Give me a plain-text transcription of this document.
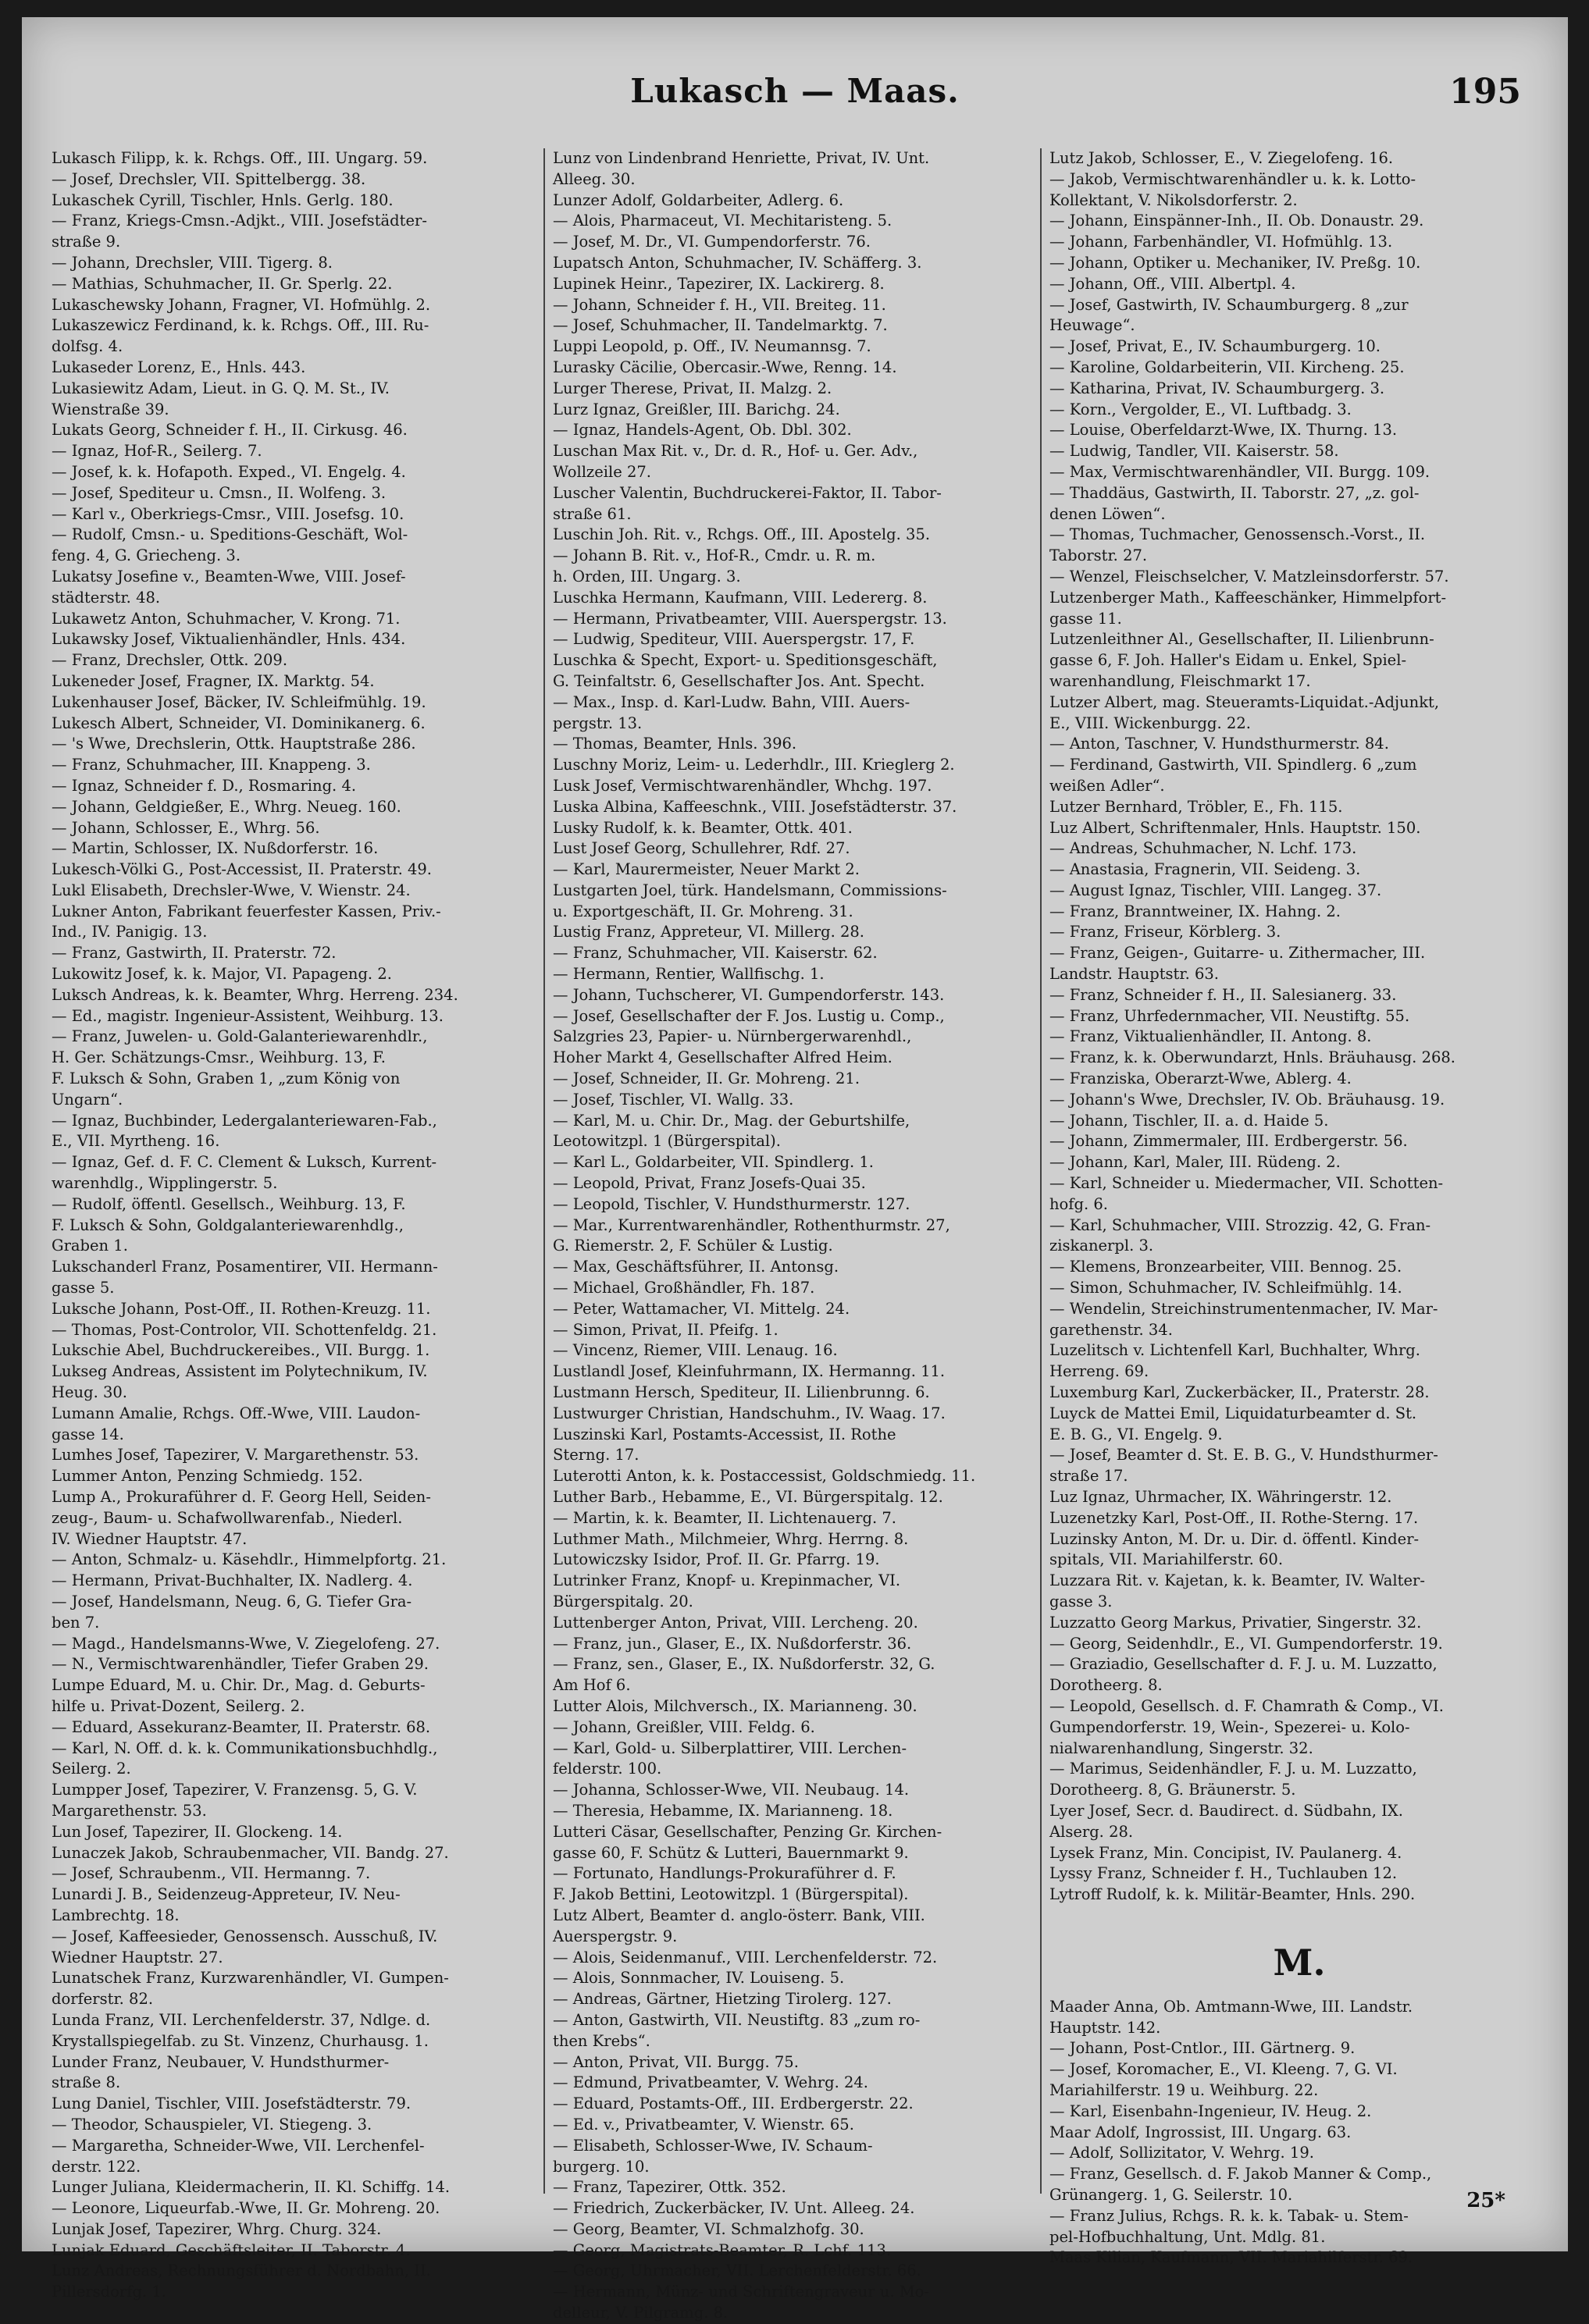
Lukasch — Maas.	195
Lukasch Filipp, k. k. Rchgs. Off., III. Ungarg. 59.
— Josef, Drechsler, VII. Spittelbergg. 38.
Lukaschek Cyrill, Tischler, Hnls. Gerlg. 180.
— Franz, Kriegs-Cmsn.-Adjkt., VIII. Josefstädter-
straße 9.
— Johann, Drechsler, VIII. Tigerg. 8.
— Mathias, Schuhmacher, II. Gr. Sperlg. 22.
Lukaschewsky Johann, Fragner, VI. Hofmühlg. 2.
Lukaszewicz Ferdinand, k. k. Rchgs. Off., III. Ru-
dolfsg. 4.
Lukaseder Lorenz, E., Hnls. 443.
Lukasiewitz Adam, Lieut. in G. Q. M. St., IV.
Wienstraße 39.
Lukats Georg, Schneider f. H., II. Cirkusg. 46.
— Ignaz, Hof-R., Seilerg. 7.
— Josef, k. k. Hofapoth. Exped., VI. Engelg. 4.
— Josef, Spediteur u. Cmsn., II. Wolfeng. 3.
— Karl v., Oberkriegs-Cmsr., VIII. Josefsg. 10.
— Rudolf, Cmsn.- u. Speditions-Geschäft, Wol-
feng. 4, G. Griecheng. 3.
Lukatsy Josefine v., Beamten-Wwe, VIII. Josef-
städterstr. 48.
Lukawetz Anton, Schuhmacher, V. Krong. 71.
Lukawsky Josef, Viktualienhändler, Hnls. 434.
— Franz, Drechsler, Ottk. 209.
Lukeneder Josef, Fragner, IX. Marktg. 54.
Lukenhauser Josef, Bäcker, IV. Schleifmühlg. 19.
Lukesch Albert, Schneider, VI. Dominikanerg. 6.
— 's Wwe, Drechslerin, Ottk. Hauptstraße 286.
— Franz, Schuhmacher, III. Knappeng. 3.
— Ignaz, Schneider f. D., Rosmaring. 4.
— Johann, Geldgießer, E., Whrg. Neueg. 160.
— Johann, Schlosser, E., Whrg. 56.
— Martin, Schlosser, IX. Nußdorferstr. 16.
Lukesch-Völki G., Post-Accessist, II. Praterstr. 49.
Lukl Elisabeth, Drechsler-Wwe, V. Wienstr. 24.
Lukner Anton, Fabrikant feuerfester Kassen, Priv.-
Ind., IV. Panigig. 13.
— Franz, Gastwirth, II. Praterstr. 72.
Lukowitz Josef, k. k. Major, VI. Papageng. 2.
Luksch Andreas, k. k. Beamter, Whrg. Herreng. 234.
— Ed., magistr. Ingenieur-Assistent, Weihburg. 13.
— Franz, Juwelen- u. Gold-Galanteriewarenhdlr.,
H. Ger. Schätzungs-Cmsr., Weihburg. 13, F.
F. Luksch & Sohn, Graben 1, „zum König von
Ungarn“.
— Ignaz, Buchbinder, Ledergalanteriewaren-Fab.,
E., VII. Myrtheng. 16.
— Ignaz, Gef. d. F. C. Clement & Luksch, Kurrent-
warenhdlg., Wipplingerstr. 5.
— Rudolf, öffentl. Gesellsch., Weihburg. 13, F.
F. Luksch & Sohn, Goldgalanteriewarenhdlg.,
Graben 1.
Lukschanderl Franz, Posamentirer, VII. Hermann-
gasse 5.
Luksche Johann, Post-Off., II. Rothen-Kreuzg. 11.
— Thomas, Post-Controlor, VII. Schottenfeldg. 21.
Lukschie Abel, Buchdruckereibes., VII. Burgg. 1.
Lukseg Andreas, Assistent im Polytechnikum, IV.
Heug. 30.
Lumann Amalie, Rchgs. Off.-Wwe, VIII. Laudon-
gasse 14.
Lumhes Josef, Tapezirer, V. Margarethenstr. 53.
Lummer Anton, Penzing Schmiedg. 152.
Lump A., Prokuraführer d. F. Georg Hell, Seiden-
zeug-, Baum- u. Schafwollwarenfab., Niederl.
IV. Wiedner Hauptstr. 47.
— Anton, Schmalz- u. Käsehdlr., Himmelpfortg. 21.
— Hermann, Privat-Buchhalter, IX. Nadlerg. 4.
— Josef, Handelsmann, Neug. 6, G. Tiefer Gra-
ben 7.
— Magd., Handelsmanns-Wwe, V. Ziegelofeng. 27.
— N., Vermischtwarenhändler, Tiefer Graben 29.
Lumpe Eduard, M. u. Chir. Dr., Mag. d. Geburts-
hilfe u. Privat-Dozent, Seilerg. 2.
— Eduard, Assekuranz-Beamter, II. Praterstr. 68.
— Karl, N. Off. d. k. k. Communikationsbuchhdlg.,
Seilerg. 2.
Lumpper Josef, Tapezirer, V. Franzensg. 5, G. V.
Margarethenstr. 53.
Lun Josef, Tapezirer, II. Glockeng. 14.
Lunaczek Jakob, Schraubenmacher, VII. Bandg. 27.
— Josef, Schraubenm., VII. Hermanng. 7.
Lunardi J. B., Seidenzeug-Appreteur, IV. Neu-
Lambrechtg. 18.
— Josef, Kaffeesieder, Genossensch. Ausschuß, IV.
Wiedner Hauptstr. 27.
Lunatschek Franz, Kurzwarenhändler, VI. Gumpen-
dorferstr. 82.
Lunda Franz, VII. Lerchenfelderstr. 37, Ndlge. d.
Krystallspiegelfab. zu St. Vinzenz, Churhausg. 1.
Lunder Franz, Neubauer, V. Hundsthurmer-
straße 8.
Lung Daniel, Tischler, VIII. Josefstädterstr. 79.
— Theodor, Schauspieler, VI. Stiegeng. 3.
— Margaretha, Schneider-Wwe, VII. Lerchenfel-
derstr. 122.
Lunger Juliana, Kleidermacherin, II. Kl. Schiffg. 14.
— Leonore, Liqueurfab.-Wwe, II. Gr. Mohreng. 20.
Lunjak Josef, Tapezirer, Whrg. Churg. 324.
Lunjak Eduard, Geschäftsleiter, II. Taborstr. 4.
Lunz Andreas, Rechnungsführer d. Nordbahn, II.
Pillersdorfg. 1.
Lunz von Lindenbrand Henriette, Privat, IV. Unt.
Alleeg. 30.
Lunzer Adolf, Goldarbeiter, Adlerg. 6.
— Alois, Pharmaceut, VI. Mechitaristeng. 5.
— Josef, M. Dr., VI. Gumpendorferstr. 76.
Lupatsch Anton, Schuhmacher, IV. Schäfferg. 3.
Lupinek Heinr., Tapezirer, IX. Lackirerg. 8.
— Johann, Schneider f. H., VII. Breiteg. 11.
— Josef, Schuhmacher, II. Tandelmarktg. 7.
Luppi Leopold, p. Off., IV. Neumannsg. 7.
Lurasky Cäcilie, Obercasir.-Wwe, Renng. 14.
Lurger Therese, Privat, II. Malzg. 2.
Lurz Ignaz, Greißler, III. Barichg. 24.
— Ignaz, Handels-Agent, Ob. Dbl. 302.
Luschan Max Rit. v., Dr. d. R., Hof- u. Ger. Adv.,
Wollzeile 27.
Luscher Valentin, Buchdruckerei-Faktor, II. Tabor-
straße 61.
Luschin Joh. Rit. v., Rchgs. Off., III. Apostelg. 35.
— Johann B. Rit. v., Hof-R., Cmdr. u. R. m.
h. Orden, III. Ungarg. 3.
Luschka Hermann, Kaufmann, VIII. Ledererg. 8.
— Hermann, Privatbeamter, VIII. Auerspergstr. 13.
— Ludwig, Spediteur, VIII. Auerspergstr. 17, F.
Luschka & Specht, Export- u. Speditionsgeschäft,
G. Teinfaltstr. 6, Gesellschafter Jos. Ant. Specht.
— Max., Insp. d. Karl-Ludw. Bahn, VIII. Auers-
pergstr. 13.
— Thomas, Beamter, Hnls. 396.
Luschny Moriz, Leim- u. Lederhdlr., III. Krieglerg 2.
Lusk Josef, Vermischtwarenhändler, Whchg. 197.
Luska Albina, Kaffeeschnk., VIII. Josefstädterstr. 37.
Lusky Rudolf, k. k. Beamter, Ottk. 401.
Lust Josef Georg, Schullehrer, Rdf. 27.
— Karl, Maurermeister, Neuer Markt 2.
Lustgarten Joel, türk. Handelsmann, Commissions-
u. Exportgeschäft, II. Gr. Mohreng. 31.
Lustig Franz, Appreteur, VI. Millerg. 28.
— Franz, Schuhmacher, VII. Kaiserstr. 62.
— Hermann, Rentier, Wallfischg. 1.
— Johann, Tuchscherer, VI. Gumpendorferstr. 143.
— Josef, Gesellschafter der F. Jos. Lustig u. Comp.,
Salzgries 23, Papier- u. Nürnbergerwarenhdl.,
Hoher Markt 4, Gesellschafter Alfred Heim.
— Josef, Schneider, II. Gr. Mohreng. 21.
— Josef, Tischler, VI. Wallg. 33.
— Karl, M. u. Chir. Dr., Mag. der Geburtshilfe,
Leotowitzpl. 1 (Bürgerspital).
— Karl L., Goldarbeiter, VII. Spindlerg. 1.
— Leopold, Privat, Franz Josefs-Quai 35.
— Leopold, Tischler, V. Hundsthurmerstr. 127.
— Mar., Kurrentwarenhändler, Rothenthurmstr. 27,
G. Riemerstr. 2, F. Schüler & Lustig.
— Max, Geschäftsführer, II. Antonsg.
— Michael, Großhändler, Fh. 187.
— Peter, Wattamacher, VI. Mittelg. 24.
— Simon, Privat, II. Pfeifg. 1.
— Vincenz, Riemer, VIII. Lenaug. 16.
Lustlandl Josef, Kleinfuhrmann, IX. Hermanng. 11.
Lustmann Hersch, Spediteur, II. Lilienbrunng. 6.
Lustwurger Christian, Handschuhm., IV. Waag. 17.
Luszinski Karl, Postamts-Accessist, II. Rothe
Sterng. 17.
Luterotti Anton, k. k. Postaccessist, Goldschmiedg. 11.
Luther Barb., Hebamme, E., VI. Bürgerspitalg. 12.
— Martin, k. k. Beamter, II. Lichtenauerg. 7.
Luthmer Math., Milchmeier, Whrg. Herrng. 8.
Lutowiczsky Isidor, Prof. II. Gr. Pfarrg. 19.
Lutrinker Franz, Knopf- u. Krepinmacher, VI.
Bürgerspitalg. 20.
Luttenberger Anton, Privat, VIII. Lercheng. 20.
— Franz, jun., Glaser, E., IX. Nußdorferstr. 36.
— Franz, sen., Glaser, E., IX. Nußdorferstr. 32, G.
Am Hof 6.
Lutter Alois, Milchversch., IX. Marianneng. 30.
— Johann, Greißler, VIII. Feldg. 6.
— Karl, Gold- u. Silberplattirer, VIII. Lerchen-
felderstr. 100.
— Johanna, Schlosser-Wwe, VII. Neubaug. 14.
— Theresia, Hebamme, IX. Marianneng. 18.
Lutteri Cäsar, Gesellschafter, Penzing Gr. Kirchen-
gasse 60, F. Schütz & Lutteri, Bauernmarkt 9.
— Fortunato, Handlungs-Prokuraführer d. F.
F. Jakob Bettini, Leotowitzpl. 1 (Bürgerspital).
Lutz Albert, Beamter d. anglo-österr. Bank, VIII.
Auerspergstr. 9.
— Alois, Seidenmanuf., VIII. Lerchenfelderstr. 72.
— Alois, Sonnmacher, IV. Louiseng. 5.
— Andreas, Gärtner, Hietzing Tirolerg. 127.
— Anton, Gastwirth, VII. Neustiftg. 83 „zum ro-
then Krebs“.
— Anton, Privat, VII. Burgg. 75.
— Edmund, Privatbeamter, V. Wehrg. 24.
— Eduard, Postamts-Off., III. Erdbergerstr. 22.
— Ed. v., Privatbeamter, V. Wienstr. 65.
— Elisabeth, Schlosser-Wwe, IV. Schaum-
burgerg. 10.
— Franz, Tapezirer, Ottk. 352.
— Friedrich, Zuckerbäcker, IV. Unt. Alleeg. 24.
— Georg, Beamter, VI. Schmalzhofg. 30.
— Georg, Magistrats-Beamter, R. Lchf. 113.
— Georg, Uhrmacher, VII. Lerchenfelderstr. 66.
— Hermann, Münz- und Schriftengraveur u. Mo-
delleur, V. Pilgramg. 8.
Lutz Jakob, Schlosser, E., V. Ziegelofeng. 16.
— Jakob, Vermischtwarenhändler u. k. k. Lotto-
Kollektant, V. Nikolsdorferstr. 2.
— Johann, Einspänner-Inh., II. Ob. Donaustr. 29.
— Johann, Farbenhändler, VI. Hofmühlg. 13.
— Johann, Optiker u. Mechaniker, IV. Preßg. 10.
— Johann, Off., VIII. Albertpl. 4.
— Josef, Gastwirth, IV. Schaumburgerg. 8 „zur
Heuwage“.
— Josef, Privat, E., IV. Schaumburgerg. 10.
— Karoline, Goldarbeiterin, VII. Kircheng. 25.
— Katharina, Privat, IV. Schaumburgerg. 3.
— Korn., Vergolder, E., VI. Luftbadg. 3.
— Louise, Oberfeldarzt-Wwe, IX. Thurng. 13.
— Ludwig, Tandler, VII. Kaiserstr. 58.
— Max, Vermischtwarenhändler, VII. Burgg. 109.
— Thaddäus, Gastwirth, II. Taborstr. 27, „z. gol-
denen Löwen“.
— Thomas, Tuchmacher, Genossensch.-Vorst., II.
Taborstr. 27.
— Wenzel, Fleischselcher, V. Matzleinsdorferstr. 57.
Lutzenberger Math., Kaffeeschänker, Himmelpfort-
gasse 11.
Lutzenleithner Al., Gesellschafter, II. Lilienbrunn-
gasse 6, F. Joh. Haller's Eidam u. Enkel, Spiel-
warenhandlung, Fleischmarkt 17.
Lutzer Albert, mag. Steueramts-Liquidat.-Adjunkt,
E., VIII. Wickenburgg. 22.
— Anton, Taschner, V. Hundsthurmerstr. 84.
— Ferdinand, Gastwirth, VII. Spindlerg. 6 „zum
weißen Adler“.
Lutzer Bernhard, Tröbler, E., Fh. 115.
Luz Albert, Schriftenmaler, Hnls. Hauptstr. 150.
— Andreas, Schuhmacher, N. Lchf. 173.
— Anastasia, Fragnerin, VII. Seideng. 3.
— August Ignaz, Tischler, VIII. Langeg. 37.
— Franz, Branntweiner, IX. Hahng. 2.
— Franz, Friseur, Körblerg. 3.
— Franz, Geigen-, Guitarre- u. Zithermacher, III.
Landstr. Hauptstr. 63.
— Franz, Schneider f. H., II. Salesianerg. 33.
— Franz, Uhrfedernmacher, VII. Neustiftg. 55.
— Franz, Viktualienhändler, II. Antong. 8.
— Franz, k. k. Oberwundarzt, Hnls. Bräuhausg. 268.
— Franziska, Oberarzt-Wwe, Ablerg. 4.
— Johann's Wwe, Drechsler, IV. Ob. Bräuhausg. 19.
— Johann, Tischler, II. a. d. Haide 5.
— Johann, Zimmermaler, III. Erdbergerstr. 56.
— Johann, Karl, Maler, III. Rüdeng. 2.
— Karl, Schneider u. Miedermacher, VII. Schotten-
hofg. 6.
— Karl, Schuhmacher, VIII. Strozzig. 42, G. Fran-
ziskanerpl. 3.
— Klemens, Bronzearbeiter, VIII. Bennog. 25.
— Simon, Schuhmacher, IV. Schleifmühlg. 14.
— Wendelin, Streichinstrumentenmacher, IV. Mar-
garethenstr. 34.
Luzelitsch v. Lichtenfell Karl, Buchhalter, Whrg.
Herreng. 69.
Luxemburg Karl, Zuckerbäcker, II., Praterstr. 28.
Luyck de Mattei Emil, Liquidaturbeamter d. St.
E. B. G., VI. Engelg. 9.
— Josef, Beamter d. St. E. B. G., V. Hundsthurmer-
straße 17.
Luz Ignaz, Uhrmacher, IX. Währingerstr. 12.
Luzenetzky Karl, Post-Off., II. Rothe-Sterng. 17.
Luzinsky Anton, M. Dr. u. Dir. d. öffentl. Kinder-
spitals, VII. Mariahilferstr. 60.
Luzzara Rit. v. Kajetan, k. k. Beamter, IV. Walter-
gasse 3.
Luzzatto Georg Markus, Privatier, Singerstr. 32.
— Georg, Seidenhdlr., E., VI. Gumpendorferstr. 19.
— Graziadio, Gesellschafter d. F. J. u. M. Luzzatto,
Dorotheerg. 8.
— Leopold, Gesellsch. d. F. Chamrath & Comp., VI.
Gumpendorferstr. 19, Wein-, Spezerei- u. Kolo-
nialwarenhandlung, Singerstr. 32.
— Marimus, Seidenhändler, F. J. u. M. Luzzatto,
Dorotheerg. 8, G. Bräunerstr. 5.
Lyer Josef, Secr. d. Baudirect. d. Südbahn, IX.
Alserg. 28.
Lysek Franz, Min. Concipist, IV. Paulanerg. 4.
Lyssy Franz, Schneider f. H., Tuchlauben 12.
Lytroff Rudolf, k. k. Militär-Beamter, Hnls. 290.
M.
Maader Anna, Ob. Amtmann-Wwe, III. Landstr.
Hauptstr. 142.
— Johann, Post-Cntlor., III. Gärtnerg. 9.
— Josef, Koromacher, E., VI. Kleeng. 7, G. VI.
Mariahilferstr. 19 u. Weihburg. 22.
— Karl, Eisenbahn-Ingenieur, IV. Heug. 2.
Maar Adolf, Ingrossist, III. Ungarg. 63.
— Adolf, Sollizitator, V. Wehrg. 19.
— Franz, Gesellsch. d. F. Jakob Manner & Comp.,
Grünangerg. 1, G. Seilerstr. 10.
— Franz Julius, Rchgs. R. k. k. Tabak- u. Stem-
pel-Hofbuchhaltung, Unt. Mdlg. 81.
Maas Kilian, Kaufmann, VII. Mariahilferstr. 69.
25*
